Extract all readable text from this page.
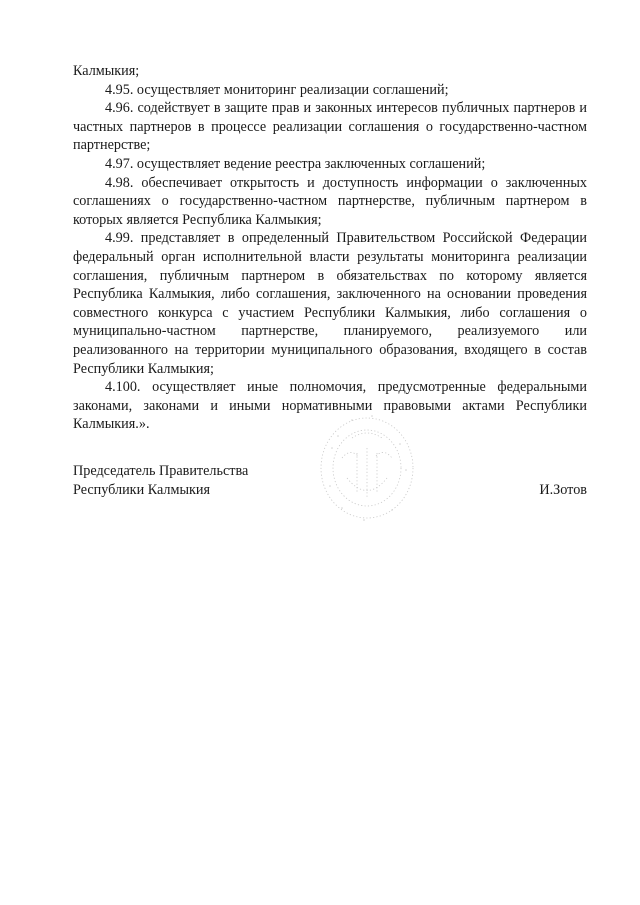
Калмыкия;

4.95. осуществляет мониторинг реализации соглашений;

4.96. содействует в защите прав и законных интересов публичных партнеров и частных партнеров в процессе реализации соглашения о государственно-частном партнерстве;

4.97. осуществляет ведение реестра заключенных соглашений;

4.98. обеспечивает открытость и доступность информации о заключенных соглашениях о государственно-частном партнерстве, публичным партнером в которых является Республика Калмыкия;

4.99. представляет в определенный Правительством Российской Федерации федеральный орган исполнительной власти результаты мониторинга реализации соглашения, публичным партнером в обязательствах по которому является Республика Калмыкия, либо соглашения, заключенного на основании проведения совместного конкурса с участием Республики Калмыкия, либо соглашения о муниципально-частном партнерстве, планируемого, реализуемого или реализованного на территории муниципального образования, входящего в состав Республики Калмыкия;

4.100. осуществляет иные полномочия, предусмотренные федеральными законами, законами и иными нормативными правовыми актами Республики Калмыкия.».

Председатель Правительства
Республики Калмыкия	И.Зотов
